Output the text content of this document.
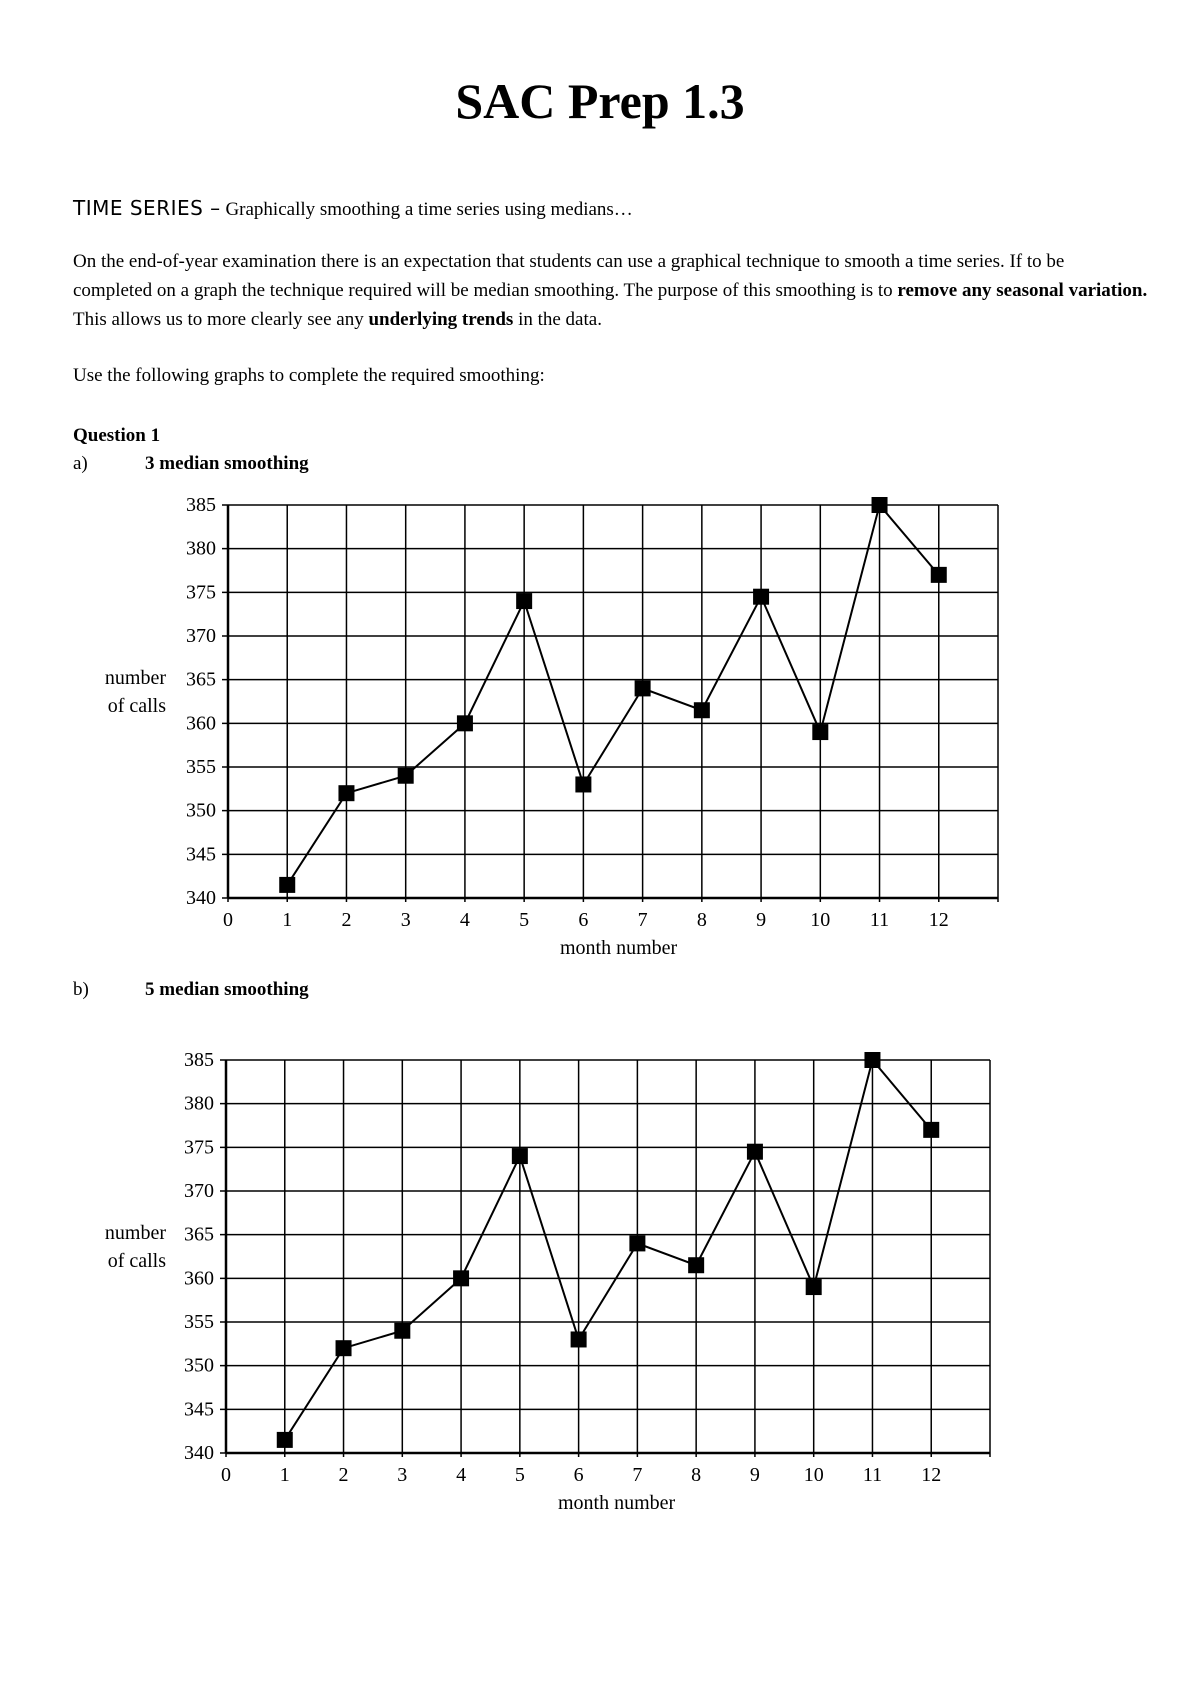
SAC Prep 1.3
TIME SERIES – Graphically smoothing a time series using medians…
On the end-of-year examination there is an expectation that students can use a graphical technique to smooth a time series. If to be completed on a graph the technique required will be median smoothing. The purpose of this smoothing is to remove any seasonal variation. This allows us to more clearly see any underlying trends in the data.
Use the following graphs to complete the required smoothing:
Question 1
a)	3 median smoothing
340
345
350
355
360
365
370
375
380
385
0 1 2 3 4 5 6 7 8 9 10 11 12
month number
number
of calls
b)	5 median smoothing
340
345
350
355
360
365
370
375
380
385
0 1 2 3 4 5 6 7 8 9 10 11 12
month number
number
of calls
